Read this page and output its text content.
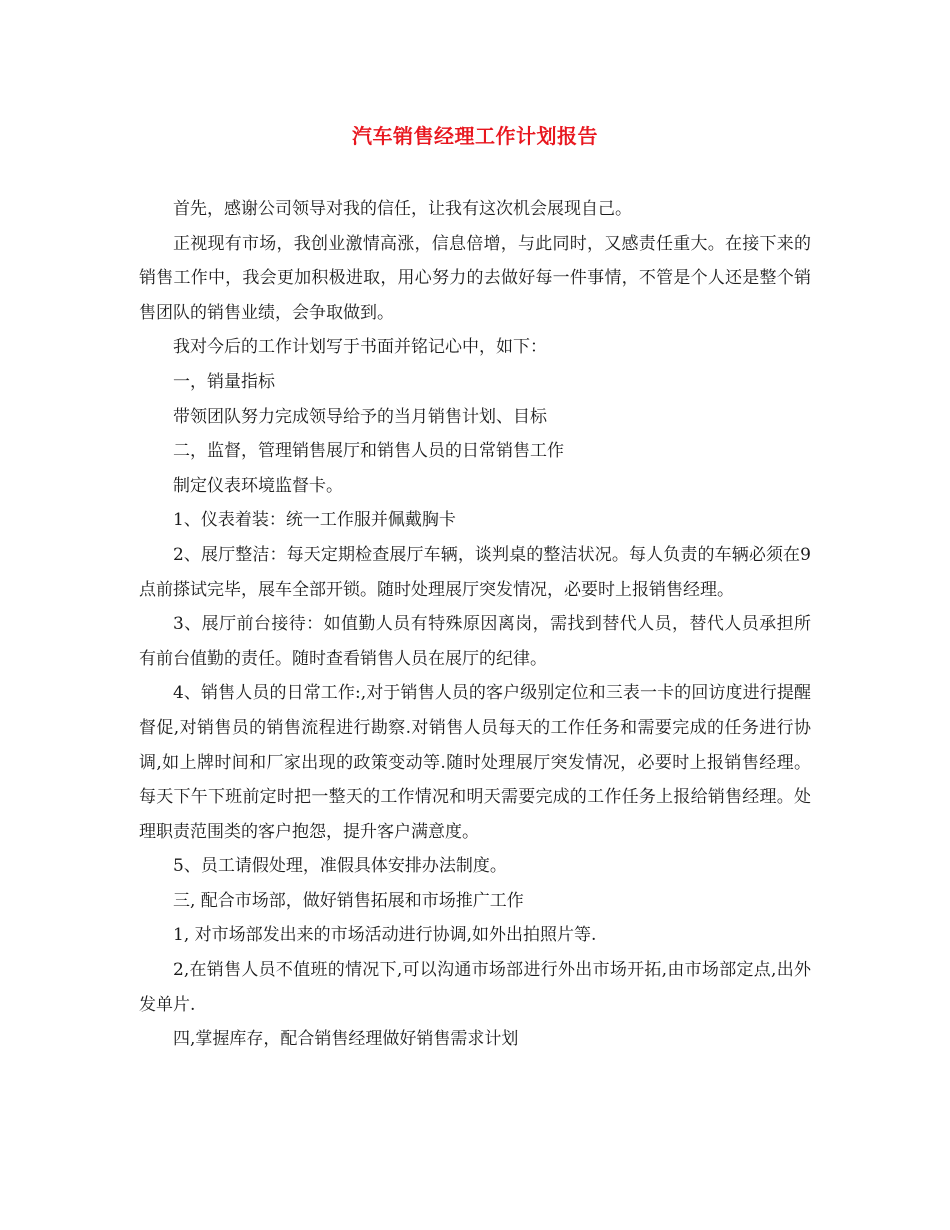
汽车销售经理工作计划报告

首先，感谢公司领导对我的信任，让我有这次机会展现自己。

正视现有市场，我创业激情高涨，信息倍增，与此同时，又感责任重大。在接下来的销售工作中，我会更加积极进取，用心努力的去做好每一件事情，不管是个人还是整个销售团队的销售业绩，会争取做到。

我对今后的工作计划写于书面并铭记心中，如下：

一，销量指标

带领团队努力完成领导给予的当月销售计划、目标

二，监督，管理销售展厅和销售人员的日常销售工作

制定仪表环境监督卡。

1、仪表着装：统一工作服并佩戴胸卡

2、展厅整洁：每天定期检查展厅车辆，谈判桌的整洁状况。每人负责的车辆必须在9点前搽试完毕，展车全部开锁。随时处理展厅突发情况，必要时上报销售经理。

3、展厅前台接待：如值勤人员有特殊原因离岗，需找到替代人员，替代人员承担所有前台值勤的责任。随时查看销售人员在展厅的纪律。

4、销售人员的日常工作:,对于销售人员的客户级别定位和三表一卡的回访度进行提醒督促,对销售员的销售流程进行勘察.对销售人员每天的工作任务和需要完成的任务进行协调,如上牌时间和厂家出现的政策变动等.随时处理展厅突发情况，必要时上报销售经理。每天下午下班前定时把一整天的工作情况和明天需要完成的工作任务上报给销售经理。处理职责范围类的客户抱怨，提升客户满意度。

5、员工请假处理，准假具体安排办法制度。

三, 配合市场部，做好销售拓展和市场推广工作

1, 对市场部发出来的市场活动进行协调,如外出拍照片等.

2,在销售人员不值班的情况下,可以沟通市场部进行外出市场开拓,由市场部定点,出外发单片.

四,掌握库存，配合销售经理做好销售需求计划
